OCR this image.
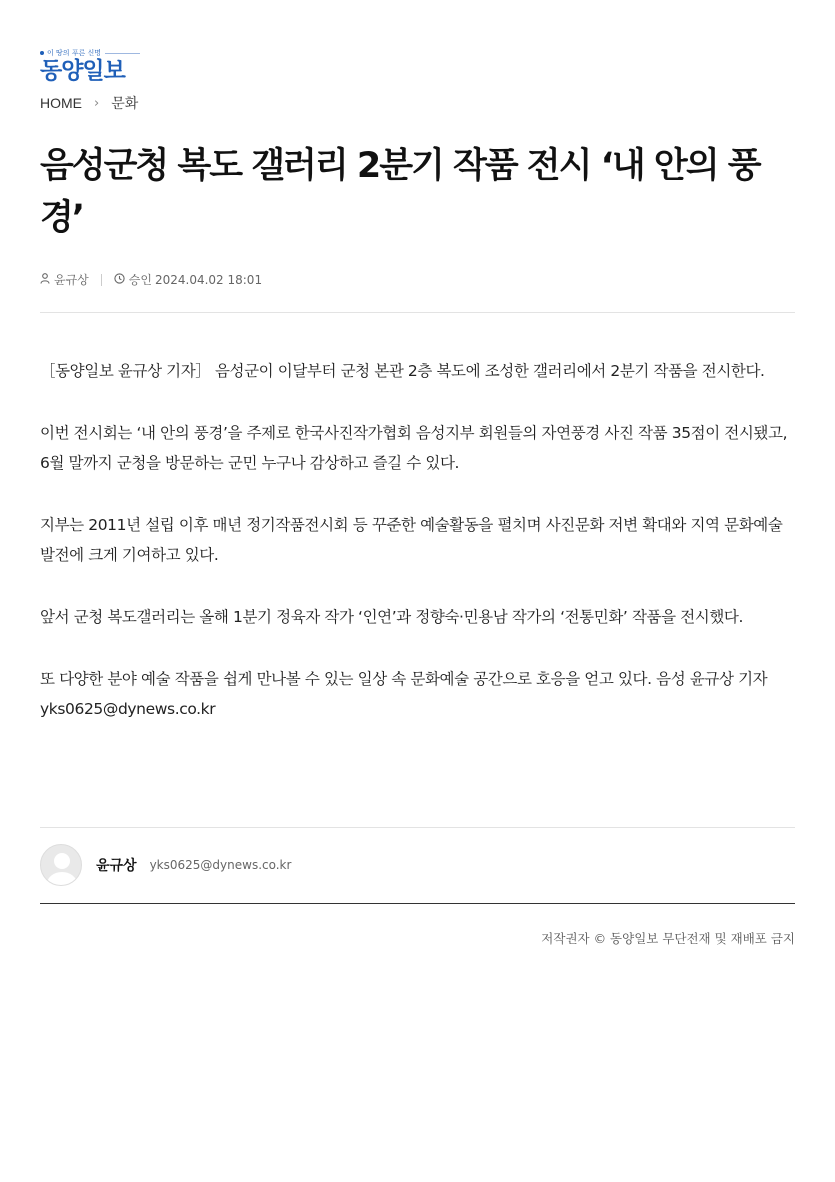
이 땅의 푸른 신명
동양일보
HOME › 문화
음성군청 복도 갤러리 2분기 작품 전시 ‘내 안의 풍경’
윤규상	승인 2024.04.02 18:01

［동양일보 윤규상 기자］ 음성군이 이달부터 군청 본관 2층 복도에 조성한 갤러리에서 2분기 작품을 전시한다.

이번 전시회는 ‘내 안의 풍경’을 주제로 한국사진작가협회 음성지부 회원들의 자연풍경 사진 작품 35점이 전시됐고, 6월 말까지 군청을 방문하는 군민 누구나 감상하고 즐길 수 있다.

지부는 2011년 설립 이후 매년 정기작품전시회 등 꾸준한 예술활동을 펼치며 사진문화 저변 확대와 지역 문화예술 발전에 크게 기여하고 있다.

앞서 군청 복도갤러리는 올해 1분기 정육자 작가 ‘인연’과 정향숙·민용남 작가의 ‘전통민화’ 작품을 전시했다.

또 다양한 분야 예술 작품을 쉽게 만나볼 수 있는 일상 속 문화예술 공간으로 호응을 얻고 있다. 음성 윤규상 기자 yks0625@dynews.co.kr

윤규상 yks0625@dynews.co.kr
저작권자 © 동양일보 무단전재 및 재배포 금지
